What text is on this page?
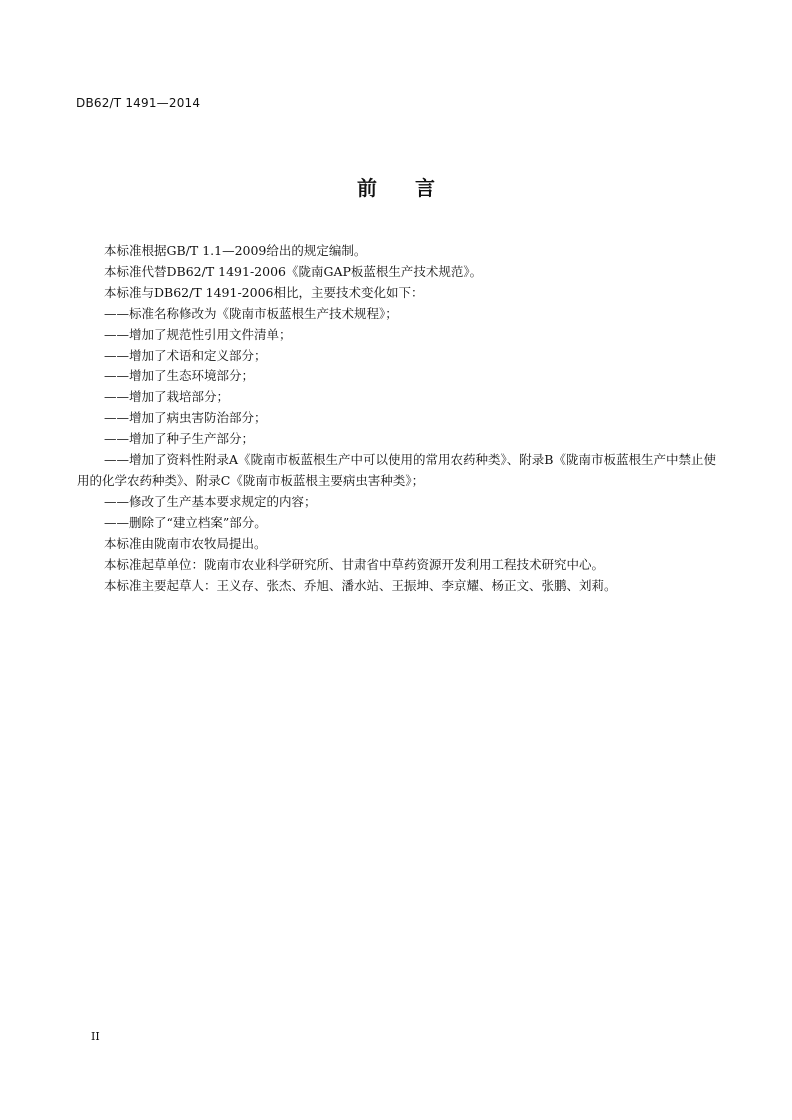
DB62/T 1491—2014
前言

本标准根据GB/T 1.1—2009给出的规定编制。

本标准代替DB62/T 1491-2006《陇南GAP板蓝根生产技术规范》。

本标准与DB62/T 1491-2006相比，主要技术变化如下：

——标准名称修改为《陇南市板蓝根生产技术规程》；

——增加了规范性引用文件清单；

——增加了术语和定义部分；

——增加了生态环境部分；

——增加了栽培部分；

——增加了病虫害防治部分；

——增加了种子生产部分；

——增加了资料性附录A《陇南市板蓝根生产中可以使用的常用农药种类》、附录B《陇南市板蓝根生产中禁止使用的化学农药种类》、附录C《陇南市板蓝根主要病虫害种类》；

——修改了生产基本要求规定的内容；

——删除了“建立档案”部分。

本标准由陇南市农牧局提出。

本标准起草单位：陇南市农业科学研究所、甘肃省中草药资源开发利用工程技术研究中心。

本标准主要起草人：王义存、张杰、乔旭、潘水站、王振坤、李京耀、杨正文、张鹏、刘莉。

II
